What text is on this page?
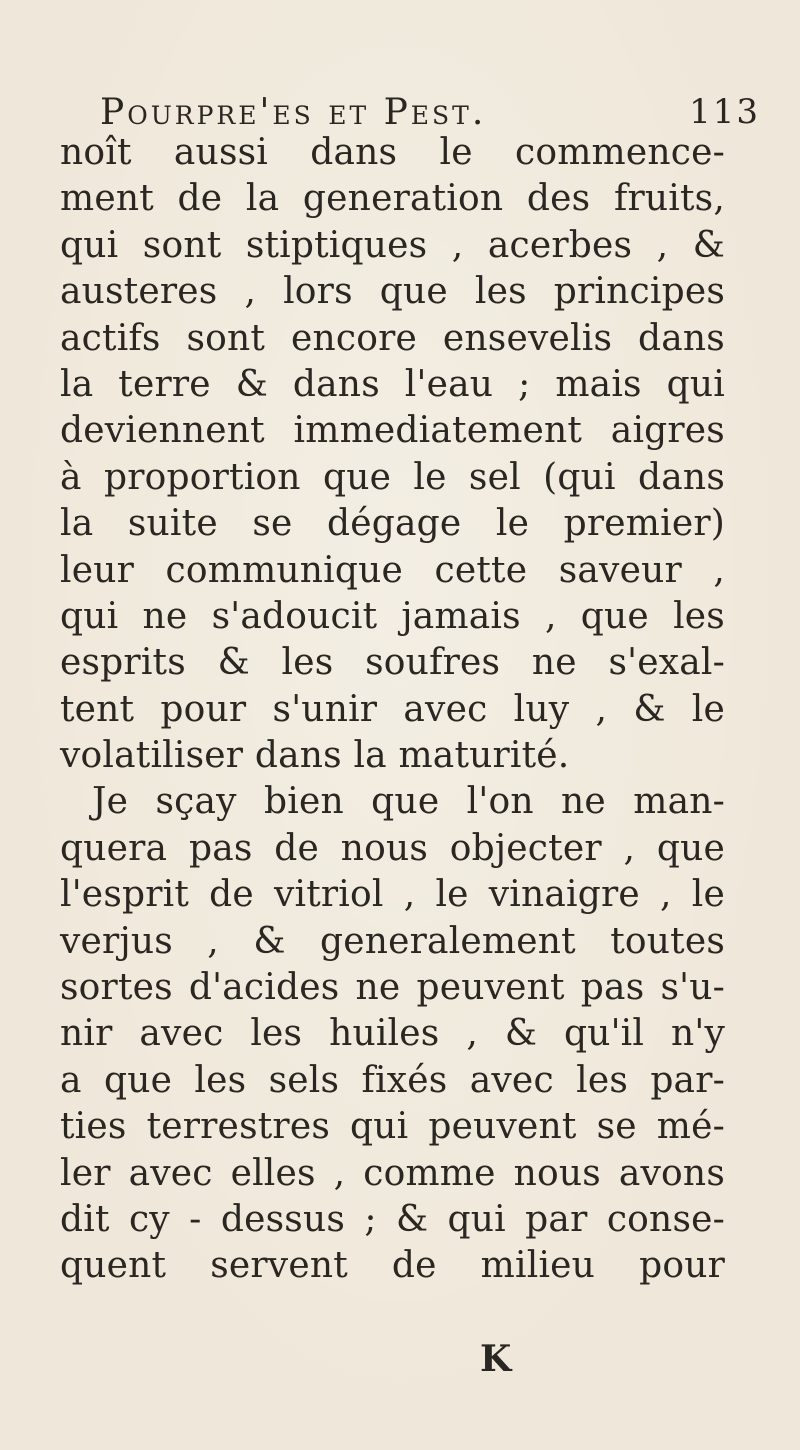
Pourpre'es et Pest.	113
noît aussi dans le commence-
ment de la generation des fruits,
qui sont stiptiques , acerbes , &
austeres , lors que les principes
actifs sont encore ensevelis dans
la terre & dans l'eau ; mais qui
deviennent immediatement aigres
à proportion que le sel (qui dans
la suite se dégage le premier)
leur communique cette saveur ,
qui ne s'adoucit jamais , que les
esprits & les soufres ne s'exal-
tent pour s'unir avec luy , & le
volatiliser dans la maturité.
Je sçay bien que l'on ne man-
quera pas de nous objecter , que
l'esprit de vitriol , le vinaigre , le
verjus , & generalement toutes
sortes d'acides ne peuvent pas s'u-
nir avec les huiles , & qu'il n'y
a que les sels fixés avec les par-
ties terrestres qui peuvent se mé-
ler avec elles , comme nous avons
dit cy - dessus ; & qui par conse-
quent servent de milieu pour
K
